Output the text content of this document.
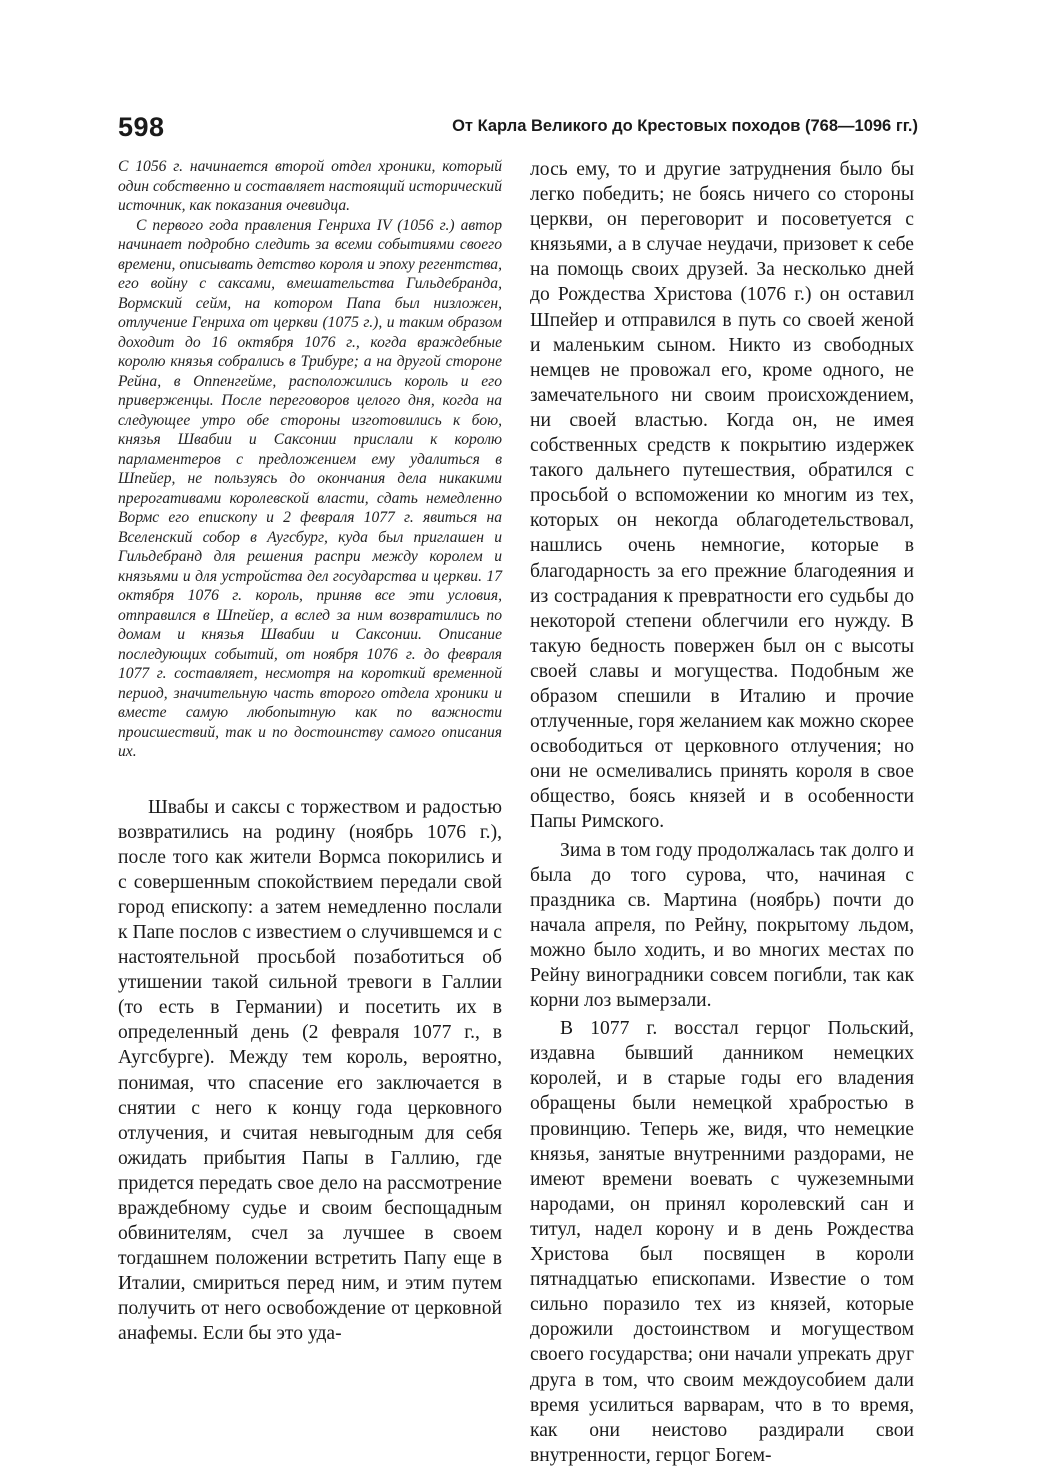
598	От Карла Великого до Крестовых походов (768—1096 гг.)

С 1056 г. начинается второй отдел хроники, который один собственно и составляет настоящий исторический источник, как показания очевидца.

С первого года правления Генриха IV (1056 г.) автор начинает подробно следить за всеми событиями своего времени, описывать детство короля и эпоху регентства, его войну с саксами, вмешательства Гильдебранда, Вормский сейм, на котором Папа был низложен, отлучение Генриха от церкви (1075 г.), и таким образом доходит до 16 октября 1076 г., когда враждебные королю князья собрались в Трибуре; а на другой стороне Рейна, в Оппенгейме, расположились король и его приверженцы. После переговоров целого дня, когда на следующее утро обе стороны изготовились к бою, князья Швабии и Саксонии прислали к королю парламентеров с предложением ему удалиться в Шпейер, не пользуясь до окончания дела никакими прерогативами королевской власти, сдать немедленно Вормс его епископу и 2 февраля 1077 г. явиться на Вселенский собор в Аугсбург, куда был приглашен и Гильдебранд для решения распри между королем и князьями и для устройства дел государства и церкви. 17 октября 1076 г. король, приняв все эти условия, отправился в Шпейер, а вслед за ним возвратились по домам и князья Швабии и Саксонии. Описание последующих событий, от ноября 1076 г. до февраля 1077 г. составляет, несмотря на короткий временной период, значительную часть второго отдела хроники и вместе самую любопытную как по важности происшествий, так и по достоинству самого описания их.

Швабы и саксы с торжеством и радостью возвратились на родину (ноябрь 1076 г.), после того как жители Вормса покорились и с совершенным спокойствием передали свой город епископу: а затем немедленно послали к Папе послов с известием о случившемся и с настоятельной просьбой позаботиться об утишении такой сильной тревоги в Галлии (то есть в Германии) и посетить их в определенный день (2 февраля 1077 г., в Аугсбурге). Между тем король, вероятно, понимая, что спасение его заключается в снятии с него к концу года церковного отлучения, и считая невыгодным для себя ожидать прибытия Папы в Галлию, где придется передать свое дело на рассмотрение враждебному судье и своим беспощадным обвинителям, счел за лучшее в своем тогдашнем положении встретить Папу еще в Италии, смириться перед ним, и этим путем получить от него освобождение от церковной анафемы. Если бы это уда-

лось ему, то и другие затруднения было бы легко победить; не боясь ничего со стороны церкви, он переговорит и посоветуется с князьями, а в случае неудачи, призовет к себе на помощь своих друзей. За несколько дней до Рождества Христова (1076 г.) он оставил Шпейер и отправился в путь со своей женой и маленьким сыном. Никто из свободных немцев не провожал его, кроме одного, не замечательного ни своим происхождением, ни своей властью. Когда он, не имея собственных средств к покрытию издержек такого дальнего путешествия, обратился с просьбой о вспоможении ко многим из тех, которых он некогда облагодетельствовал, нашлись очень немногие, которые в благодарность за его прежние благодеяния и из сострадания к превратности его судьбы до некоторой степени облегчили его нужду. В такую бедность повержен был он с высоты своей славы и могущества. Подобным же образом спешили в Италию и прочие отлученные, горя желанием как можно скорее освободиться от церковного отлучения; но они не осмеливались принять короля в свое общество, боясь князей и в особенности Папы Римского.

Зима в том году продолжалась так долго и была до того сурова, что, начиная с праздника св. Мартина (ноябрь) почти до начала апреля, по Рейну, покрытому льдом, можно было ходить, и во многих местах по Рейну виноградники совсем погибли, так как корни лоз вымерзали.

В 1077 г. восстал герцог Польский, издавна бывший данником немецких королей, и в старые годы его владения обращены были немецкой храбростью в провинцию. Теперь же, видя, что немецкие князья, занятые внутренними раздорами, не имеют времени воевать с чужеземными народами, он принял королевский сан и титул, надел корону и в день Рождества Христова был посвящен в короли пятнадцатью епископами. Известие о том сильно поразило тех из князей, которые дорожили достоинством и могуществом своего государства; они начали упрекать друг друга в том, что своим междоусобием дали время усилиться варварам, что в то время, как они неистово раздирали свои внутренности, герцог Богем-
